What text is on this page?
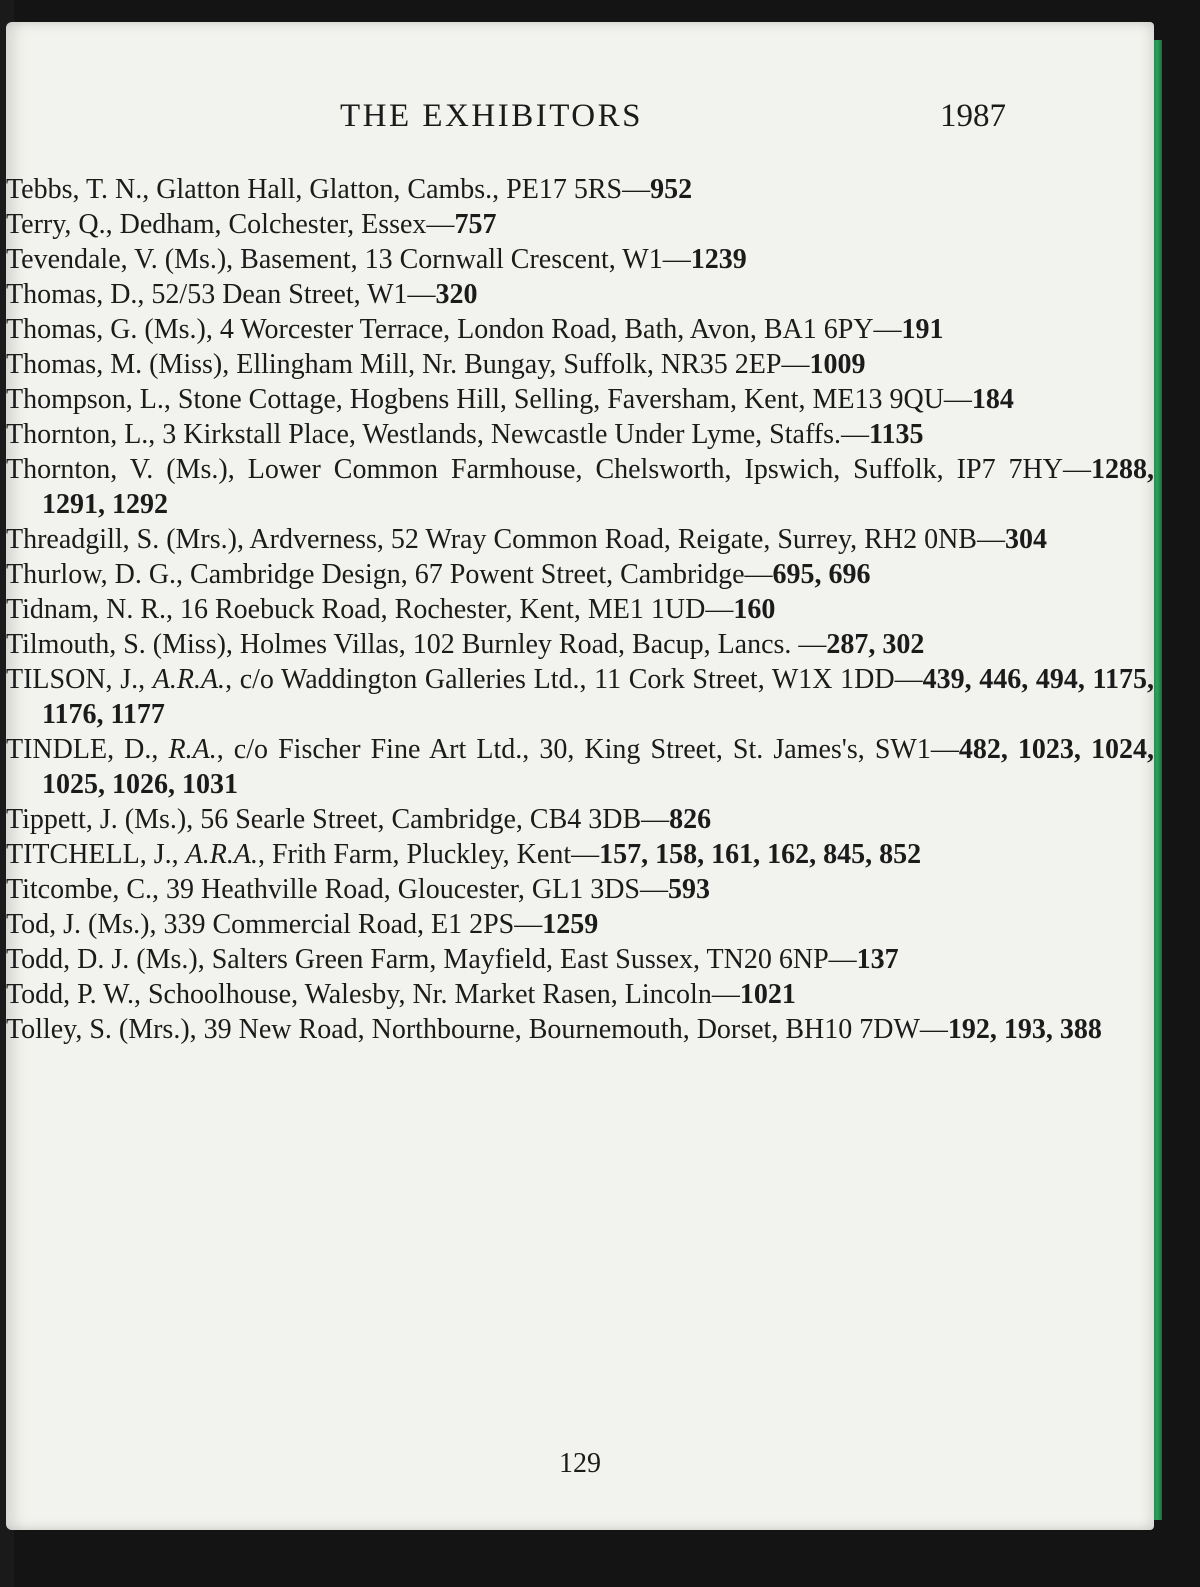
THE EXHIBITORS	1987
Tebbs, T. N., Glatton Hall, Glatton, Cambs., PE17 5RS—952
Terry, Q., Dedham, Colchester, Essex—757
Tevendale, V. (Ms.), Basement, 13 Cornwall Crescent, W1—1239
Thomas, D., 52/53 Dean Street, W1—320
Thomas, G. (Ms.), 4 Worcester Terrace, London Road, Bath, Avon, BA1 6PY—191
Thomas, M. (Miss), Ellingham Mill, Nr. Bungay, Suffolk, NR35 2EP—1009
Thompson, L., Stone Cottage, Hogbens Hill, Selling, Faversham, Kent, ME13 9QU—184
Thornton, L., 3 Kirkstall Place, Westlands, Newcastle Under Lyme, Staffs.—1135
Thornton, V. (Ms.), Lower Common Farmhouse, Chelsworth, Ipswich, Suffolk, IP7 7HY—1288, 1291, 1292
Threadgill, S. (Mrs.), Ardverness, 52 Wray Common Road, Reigate, Surrey, RH2 0NB—304
Thurlow, D. G., Cambridge Design, 67 Powent Street, Cambridge—695, 696
Tidnam, N. R., 16 Roebuck Road, Rochester, Kent, ME1 1UD—160
Tilmouth, S. (Miss), Holmes Villas, 102 Burnley Road, Bacup, Lancs. —287, 302
TILSON, J., A.R.A., c/o Waddington Galleries Ltd., 11 Cork Street, W1X 1DD—439, 446, 494, 1175, 1176, 1177
TINDLE, D., R.A., c/o Fischer Fine Art Ltd., 30, King Street, St. James's, SW1—482, 1023, 1024, 1025, 1026, 1031
Tippett, J. (Ms.), 56 Searle Street, Cambridge, CB4 3DB—826
TITCHELL, J., A.R.A., Frith Farm, Pluckley, Kent—157, 158, 161, 162, 845, 852
Titcombe, C., 39 Heathville Road, Gloucester, GL1 3DS—593
Tod, J. (Ms.), 339 Commercial Road, E1 2PS—1259
Todd, D. J. (Ms.), Salters Green Farm, Mayfield, East Sussex, TN20 6NP—137
Todd, P. W., Schoolhouse, Walesby, Nr. Market Rasen, Lincoln—1021
Tolley, S. (Mrs.), 39 New Road, Northbourne, Bournemouth, Dorset, BH10 7DW—192, 193, 388
129
